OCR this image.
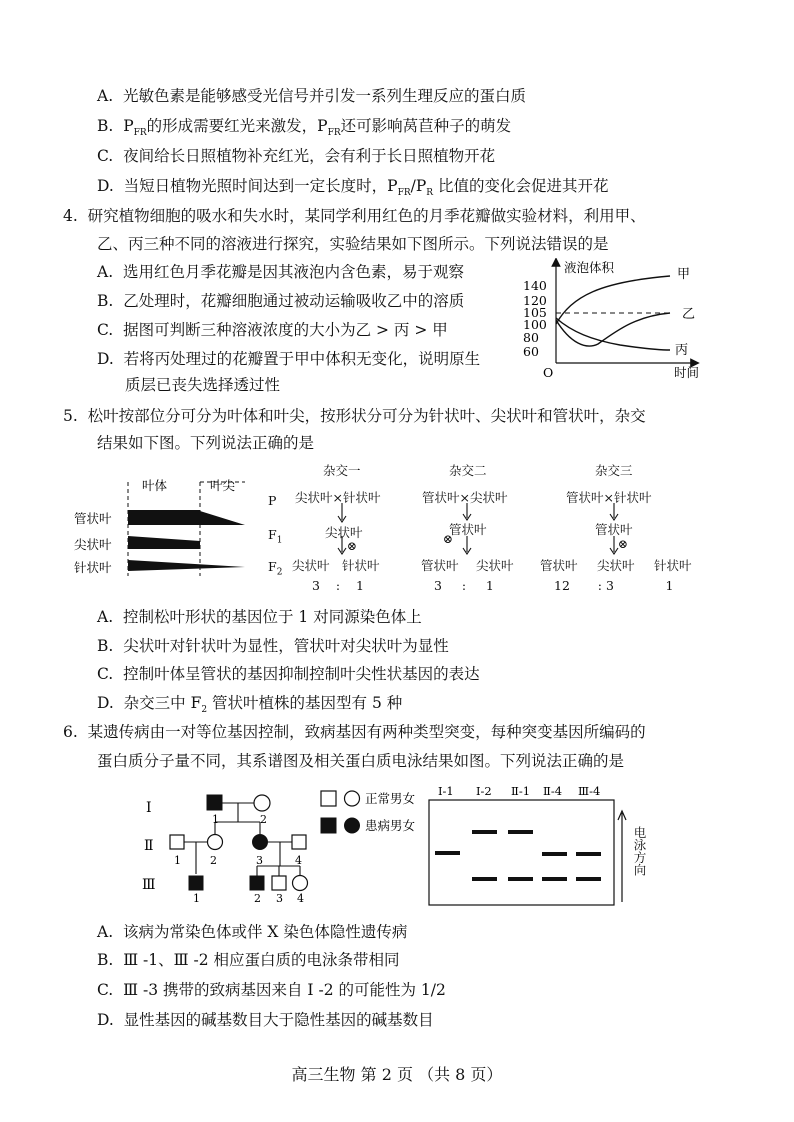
A. 光敏色素是能够感受光信号并引发一系列生理反应的蛋白质
B. $P_{FR}$的形成需要红光来激发，$P_{FR}$还可影响莴苣种子的萌发
C. 夜间给长日照植物补充红光，会有利于长日照植物开花
D. 当短日植物光照时间达到一定长度时，$P_{FR}/P_R$ 比值的变化会促进其开花
4. 研究植物细胞的吸水和失水时，某同学利用红色的月季花瓣做实验材料，利用甲、
乙、丙三种不同的溶液进行探究，实验结果如下图所示。下列说法错误的是
A. 选用红色月季花瓣是因其液泡内含色素，易于观察
B. 乙处理时，花瓣细胞通过被动运输吸收乙中的溶质
C. 据图可判断三种溶液浓度的大小为乙 > 丙 > 甲
D. 若将丙处理过的花瓣置于甲中体积无变化，说明原生
质层已丧失选择透过性
液泡体积
O	时间
140
120
105
100
80
60
甲
乙
丙
5. 松叶按部位分可分为叶体和叶尖，按形状分可分为针状叶、尖状叶和管状叶，杂交
结果如下图。下列说法正确的是
叶体	叶尖
管状叶
尖状叶
针状叶
P
$F_1$
$F_2$
杂交一
尖状叶×针状叶
尖状叶
尖状叶 针状叶
3 : 1
杂交二
管状叶×尖状叶
管状叶
管状叶 尖状叶
3 : 1
杂交三
管状叶×针状叶
管状叶
管状叶 尖状叶 针状叶
12 : 3	1
⊗	⊗	⊗
A. 控制松叶形状的基因位于 1 对同源染色体上
B. 尖状叶对针状叶为显性，管状叶对尖状叶为显性
C. 控制叶体呈管状的基因抑制控制叶尖性状基因的表达
D. 杂交三中 $F_2$ 管状叶植株的基因型有 5 种
6. 某遗传病由一对等位基因控制，致病基因有两种类型突变，每种突变基因所编码的
蛋白质分子量不同，其系谱图及相关蛋白质电泳结果如图。下列说法正确的是
Ⅰ
Ⅱ
Ⅲ
1	2
1	2	3	4
1	2 3 4
正常男女
患病男女
Ⅰ-1 Ⅰ-2 Ⅱ-1 Ⅱ-4 Ⅲ-4
电泳方向
A. 该病为常染色体或伴 X 染色体隐性遗传病
B. Ⅲ -1、Ⅲ -2 相应蛋白质的电泳条带相同
C. Ⅲ -3 携带的致病基因来自 Ⅰ -2 的可能性为 1/2
D. 显性基因的碱基数目大于隐性基因的碱基数目
高三生物 第 2 页 （共 8 页）
